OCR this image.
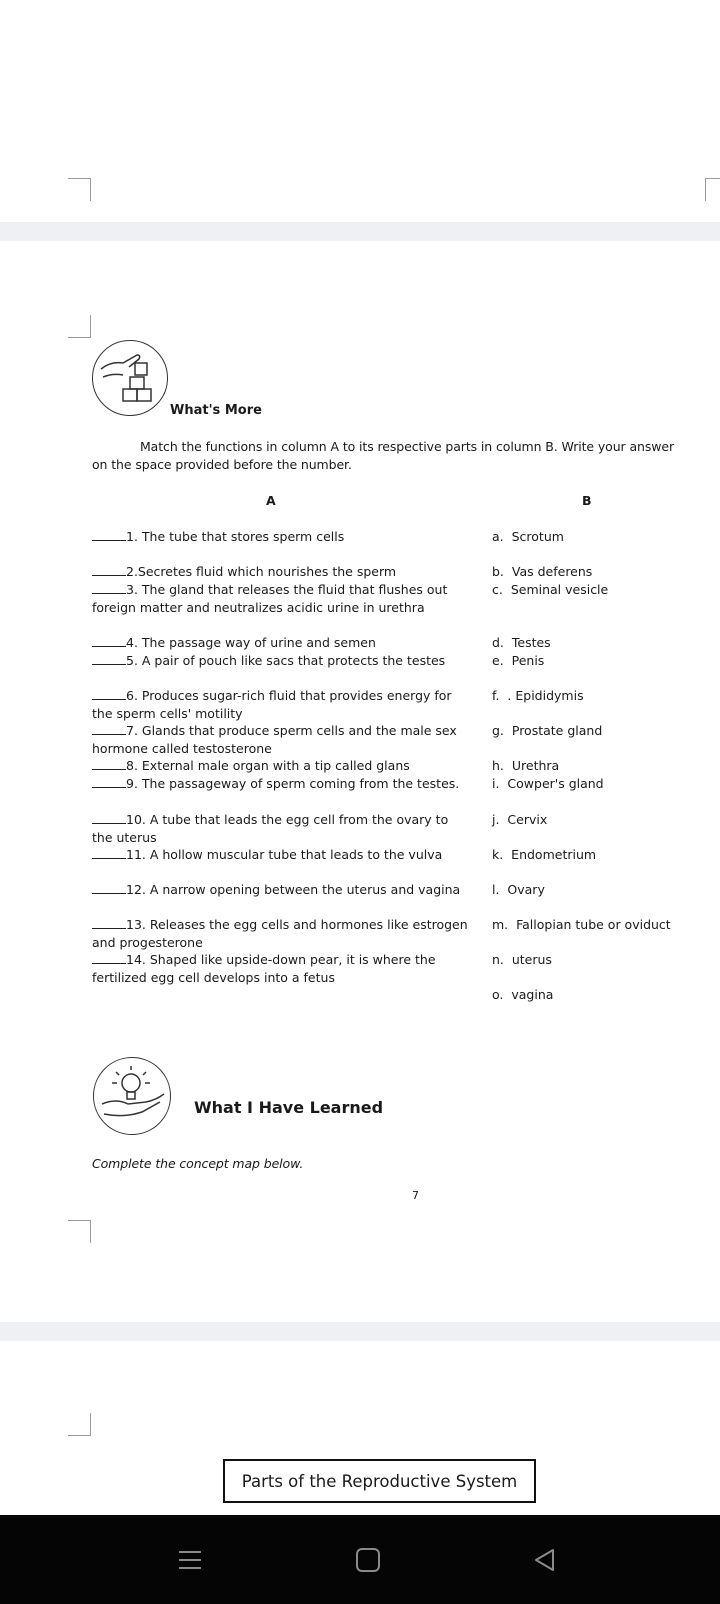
What's More
Match the functions in column A to its respective parts in column B. Write your answer on the space provided before the number.
A	B
1. The tube that stores sperm cells
2.Secretes fluid which nourishes the sperm
3. The gland that releases the fluid that flushes out foreign matter and neutralizes acidic urine in urethra
4. The passage way of urine and semen
5. A pair of pouch like sacs that protects the testes
6. Produces sugar-rich fluid that provides energy for the sperm cells' motility
7. Glands that produce sperm cells and the male sex hormone called testosterone
8. External male organ with a tip called glans
9. The passageway of sperm coming from the testes.
10. A tube that leads the egg cell from the ovary to the uterus
11. A hollow muscular tube that leads to the vulva
12. A narrow opening between the uterus and vagina
13. Releases the egg cells and hormones like estrogen and progesterone
14. Shaped like upside-down pear, it is where the fertilized egg cell develops into a fetus
a. Scrotum
b. Vas deferens
c. Seminal vesicle
d. Testes
e. Penis
f. . Epididymis
g. Prostate gland
h. Urethra
i. Cowper's gland
j. Cervix
k. Endometrium
l. Ovary
m. Fallopian tube or oviduct
n. uterus
o. vagina
What I Have Learned
Complete the concept map below.
7
Parts of the Reproductive System
